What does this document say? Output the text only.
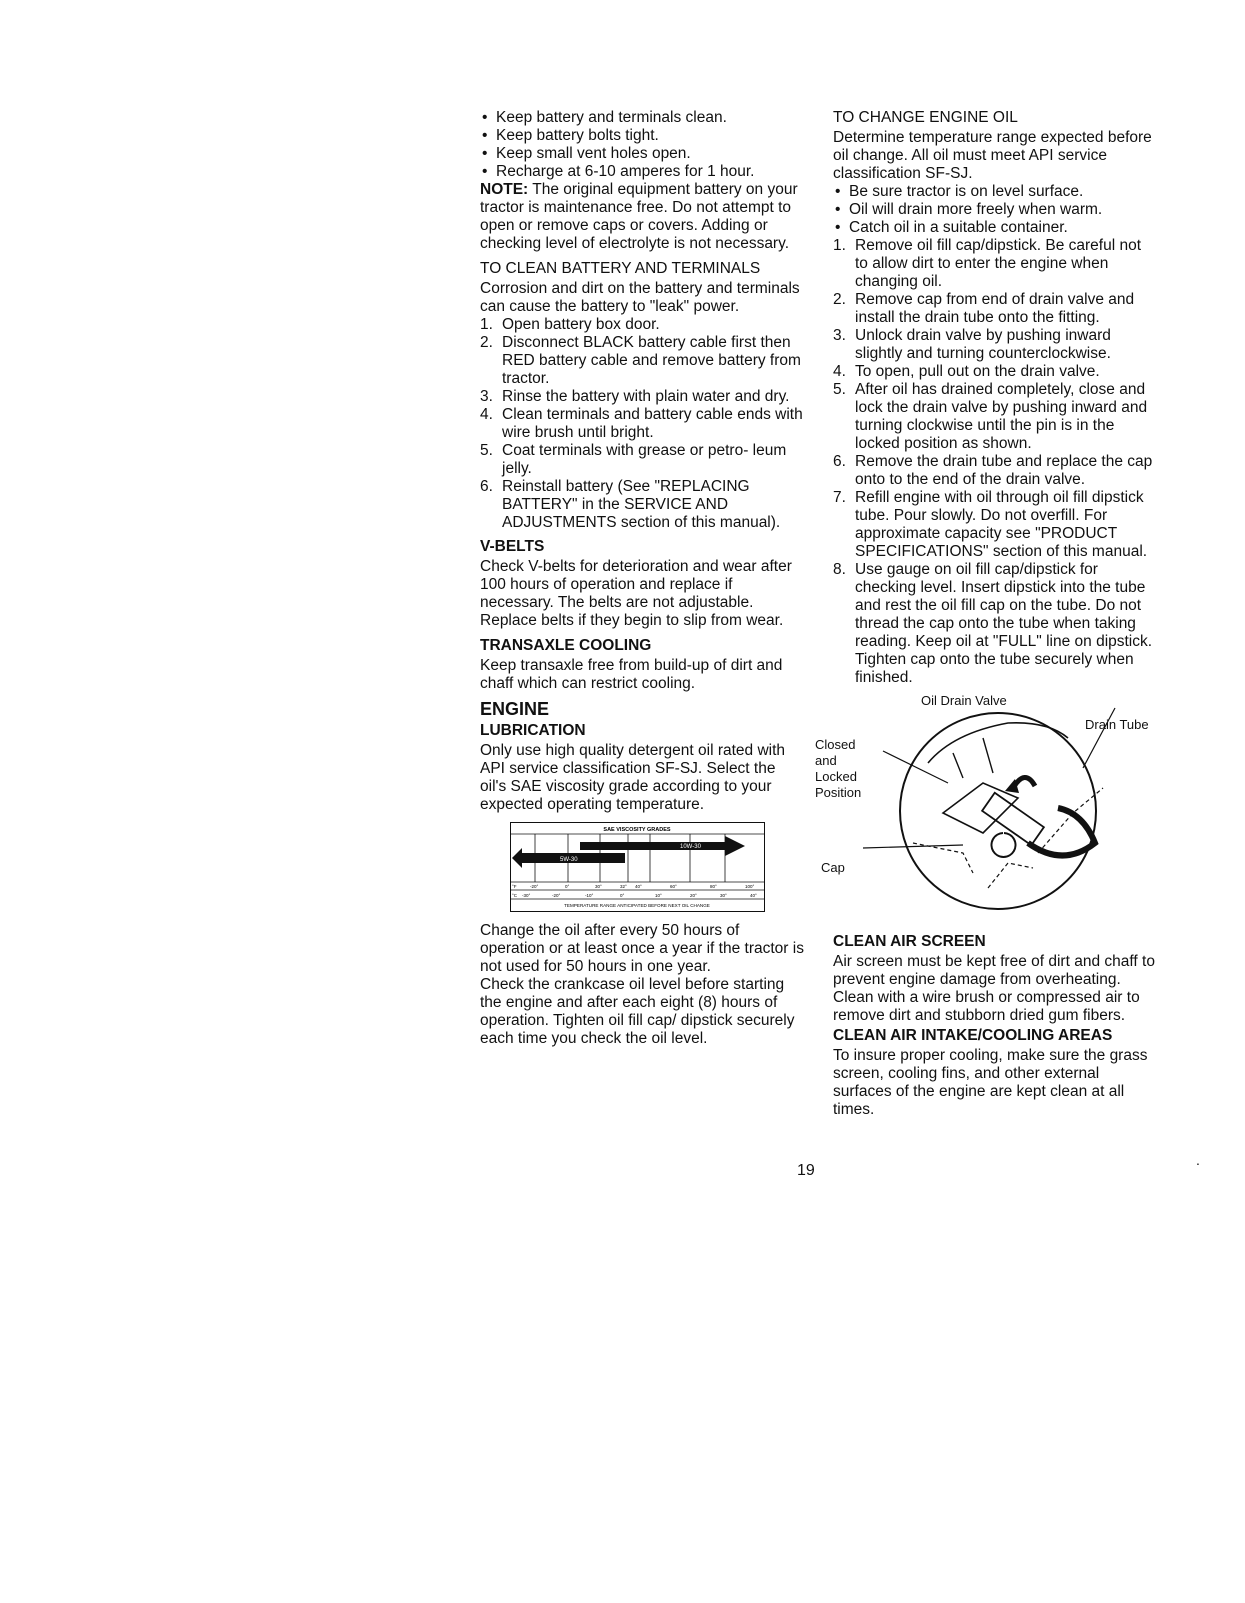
• Keep battery and terminals clean.
• Keep battery bolts tight.
• Keep small vent holes open.
• Recharge at 6-10 amperes for 1 hour.

NOTE: The original equipment battery on your tractor is maintenance free. Do not attempt to open or remove caps or covers. Adding or checking level of electrolyte is not necessary.

TO CLEAN BATTERY AND TERMINALS

Corrosion and dirt on the battery and terminals can cause the battery to "leak" power.

1. Open battery box door.
2. Disconnect BLACK battery cable first then RED battery cable and remove battery from tractor.
3. Rinse the battery with plain water and dry.
4. Clean terminals and battery cable ends with wire brush until bright.
5. Coat terminals with grease or petro- leum jelly.
6. Reinstall battery (See "REPLACING BATTERY" in the SERVICE AND ADJUSTMENTS section of this manual).
V-BELTS

Check V-belts for deterioration and wear after 100 hours of operation and replace if necessary. The belts are not adjustable. Replace belts if they begin to slip from wear.

TRANSAXLE COOLING

Keep transaxle free from build-up of dirt and chaff which can restrict cooling.

ENGINE
LUBRICATION

Only use high quality detergent oil rated with API service classification SF-SJ. Select the oil's SAE viscosity grade according to your expected operating temperature.

SAE VISCOSITY GRADES
5W-30
10W-30
°F	-20°	0°	30°	32° 40°	60°	80°	100°
°C -30°	-20°	-10°	0°	10°	20°	30°	40°
TEMPERATURE RANGE ANTICIPATED BEFORE NEXT OIL CHANGE

Change the oil after every 50 hours of operation or at least once a year if the tractor is not used for 50 hours in one year.

Check the crankcase oil level before starting the engine and after each eight (8) hours of operation. Tighten oil fill cap/ dipstick securely each time you check the oil level.

TO CHANGE ENGINE OIL

Determine temperature range expected before oil change. All oil must meet API service classification SF-SJ.

• Be sure tractor is on level surface.
• Oil will drain more freely when warm.
• Catch oil in a suitable container.
1. Remove oil fill cap/dipstick. Be careful not to allow dirt to enter the engine when changing oil.
2. Remove cap from end of drain valve and install the drain tube onto the fitting.
3. Unlock drain valve by pushing inward slightly and turning counterclockwise.
4. To open, pull out on the drain valve.
5. After oil has drained completely, close and lock the drain valve by pushing inward and turning clockwise until the pin is in the locked position as shown.
6. Remove the drain tube and replace the cap onto to the end of the drain valve.
7. Refill engine with oil through oil fill dipstick tube. Pour slowly. Do not overfill. For approximate capacity see "PRODUCT SPECIFICATIONS" section of this manual.
8. Use gauge on oil fill cap/dipstick for checking level. Insert dipstick into the tube and rest the oil fill cap on the tube. Do not thread the cap onto the tube when taking reading. Keep oil at "FULL" line on dipstick. Tighten cap onto the tube securely when finished.
Oil Drain Valve
Drain Tube
Closed
and
Locked
Position
Cap
CLEAN AIR SCREEN

Air screen must be kept free of dirt and chaff to prevent engine damage from overheating. Clean with a wire brush or compressed air to remove dirt and stubborn dried gum fibers.

CLEAN AIR INTAKE/COOLING AREAS

To insure proper cooling, make sure the grass screen, cooling fins, and other external surfaces of the engine are kept clean at all times.

19
.
